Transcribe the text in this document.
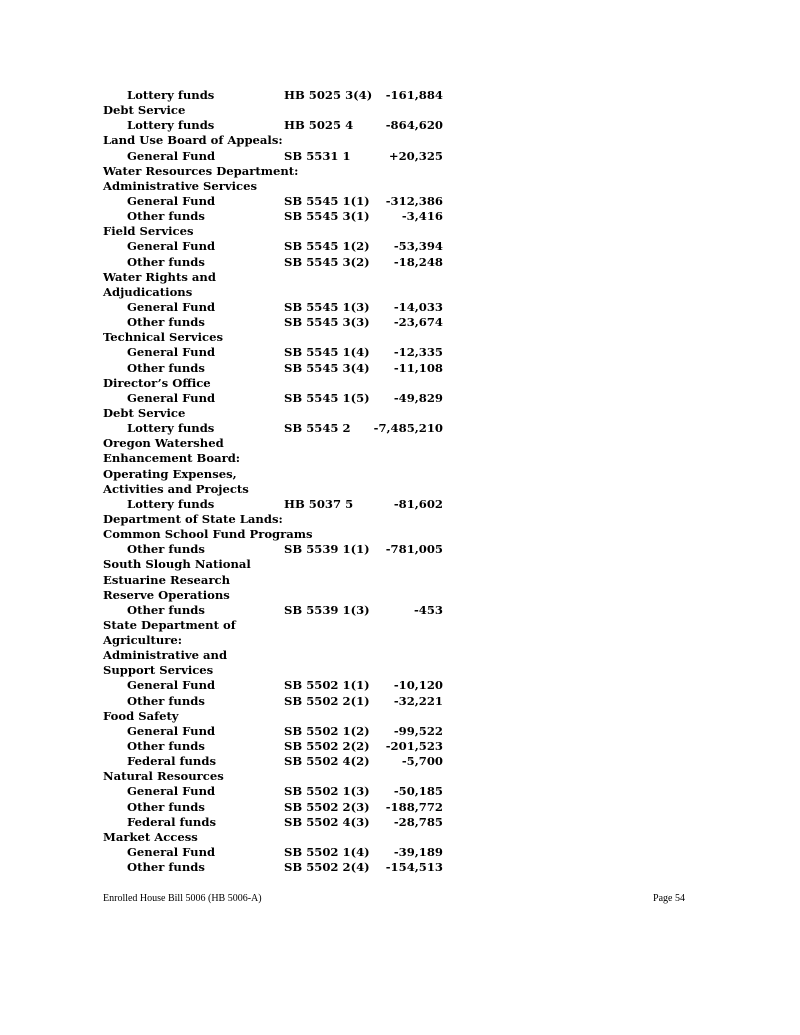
Lottery funds	HB 5025 3(4)	-161,884
Debt Service
Lottery funds	HB 5025 4	-864,620
Land Use Board of Appeals:
General Fund	SB 5531 1	+20,325
Water Resources Department:
Administrative Services
General Fund	SB 5545 1(1)	-312,386
Other funds	SB 5545 3(1)	-3,416
Field Services
General Fund	SB 5545 1(2)	-53,394
Other funds	SB 5545 3(2)	-18,248
Water Rights and
Adjudications
General Fund	SB 5545 1(3)	-14,033
Other funds	SB 5545 3(3)	-23,674
Technical Services
General Fund	SB 5545 1(4)	-12,335
Other funds	SB 5545 3(4)	-11,108
Director’s Office
General Fund	SB 5545 1(5)	-49,829
Debt Service
Lottery funds	SB 5545 2	-7,485,210
Oregon Watershed
Enhancement Board:
Operating Expenses,
Activities and Projects
Lottery funds	HB 5037 5	-81,602
Department of State Lands:
Common School Fund Programs
Other funds	SB 5539 1(1)	-781,005
South Slough National
Estuarine Research
Reserve Operations
Other funds	SB 5539 1(3)	-453
State Department of
Agriculture:
Administrative and
Support Services
General Fund	SB 5502 1(1)	-10,120
Other funds	SB 5502 2(1)	-32,221
Food Safety
General Fund	SB 5502 1(2)	-99,522
Other funds	SB 5502 2(2)	-201,523
Federal funds	SB 5502 4(2)	-5,700
Natural Resources
General Fund	SB 5502 1(3)	-50,185
Other funds	SB 5502 2(3)	-188,772
Federal funds	SB 5502 4(3)	-28,785
Market Access
General Fund	SB 5502 1(4)	-39,189
Other funds	SB 5502 2(4)	-154,513
Enrolled House Bill 5006 (HB 5006-A)	Page 54
